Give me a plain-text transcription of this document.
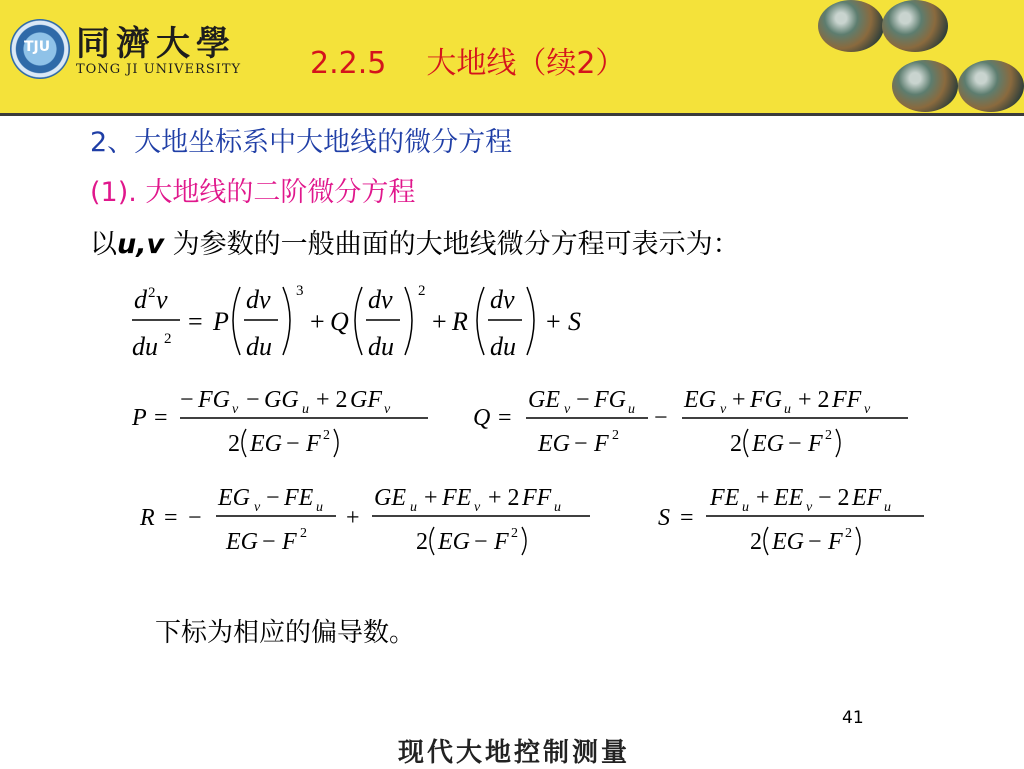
TJU 同濟大學
TONG JI UNIVERSITY 2.2.5 大地线（续2）
2、大地坐标系中大地线的微分方程
(1). 大地线的二阶微分方程
以u,v 为参数的一般曲面的大地线微分方程可表示为：
d 2 v
du 2
= P
dv
du
3
+ Q
dv
du
2
+ R
dv
du
+ S
P =
− FG v − GG u + 2 GF v
2 EG − F 2
Q =
GE v − FG u
EG − F 2
−
EG v + FG u + 2 FF v
2 EG − F 2
R = −
EG v − FE u
EG − F 2
+
GE u + FE v + 2 FF u
2 EG − F 2
S =
FE u + EE v − 2 EF u
2 EG − F 2
下标为相应的偏导数。
41
现代大地控制测量
